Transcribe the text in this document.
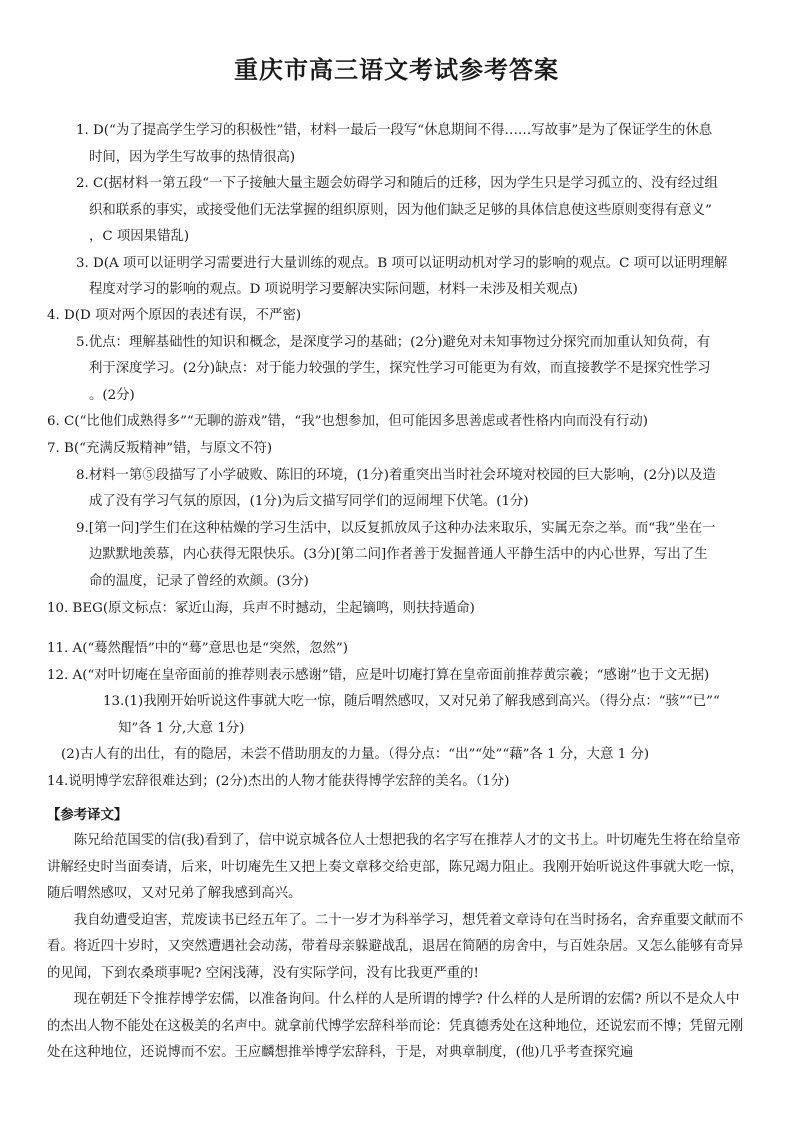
重庆市高三语文考试参考答案
1. D(“为了提高学生学习的积极性”错，材料一最后一段写“休息期间不得……写故事”是为了保证学生的休息
时间，因为学生写故事的热情很高)
2. C(据材料一第五段“一下子接触大量主题会妨碍学习和随后的迁移，因为学生只是学习孤立的、没有经过组
织和联系的事实，或接受他们无法掌握的组织原则，因为他们缺乏足够的具体信息使这些原则变得有意义”
，C 项因果错乱)
3. D(A 项可以证明学习需要进行大量训练的观点。B 项可以证明动机对学习的影响的观点。C 项可以证明理解
程度对学习的影响的观点。D 项说明学习要解决实际问题，材料一未涉及相关观点)
4. D(D 项对两个原因的表述有误，不严密)
5.优点：理解基础性的知识和概念，是深度学习的基础；(2分)避免对未知事物过分探究而加重认知负荷，有
利于深度学习。(2分)缺点：对于能力较强的学生，探究性学习可能更为有效，而直接教学不是探究性学习
。(2分)
6. C(“比他们成熟得多”“无聊的游戏”错，“我”也想参加，但可能因多思善虑或者性格内向而没有行动)
7. B(“充满反叛精神”错，与原文不符)
8.材料一第⑤段描写了小学破败、陈旧的环境，(1分)着重突出当时社会环境对校园的巨大影响，(2分)以及造
成了没有学习气氛的原因，(1分)为后文描写同学们的逗闹埋下伏笔。(1分)
9.[第一问]学生们在这种枯燥的学习生活中，以反复抓放凤子这种办法来取乐，实属无奈之举。而“我”坐在一
边默默地羡慕，内心获得无限快乐。(3分)[第二问]作者善于发掘普通人平静生活中的内心世界，写出了生
命的温度，记录了曾经的欢颜。(3分)
10. BEG(原文标点：冢近山海，兵声不时撼动，尘起镝鸣，则扶持遁命)
11. A(“蓦然醒悟”中的“蓦”意思也是“突然，忽然”)
12. A(“对叶切庵在皇帝面前的推荐则表示感谢”错，应是叶切庵打算在皇帝面前推荐黄宗羲；“感谢”也于文无据)
13.(1)我刚开始听说这件事就大吃一惊，随后喟然感叹，又对兄弟了解我感到高兴。（得分点：“骇”“已”“
知”各 1 分,大意 1分)
(2)古人有的出仕，有的隐居，未尝不借助朋友的力量。（得分点：“出”“处”“藉”各 1 分，大意 1 分)
14.说明博学宏辞很难达到；(2分)杰出的人物才能获得博学宏辞的美名。（1分)
【参考译文】

陈兄给范国雯的信(我)看到了，信中说京城各位人士想把我的名字写在推荐人才的文书上。叶切庵先生将在给皇帝讲解经史时当面奏请，后来，叶切庵先生又把上奏文章移交给吏部，陈兄竭力阻止。我刚开始听说这件事就大吃一惊，随后喟然感叹，又对兄弟了解我感到高兴。

我自幼遭受迫害，荒废读书已经五年了。二十一岁才为科举学习，想凭着文章诗句在当时扬名，舍弃重要文献而不看。将近四十岁时，又突然遭遇社会动荡，带着母亲躲避战乱，退居在简陋的房舍中，与百姓杂居。又怎么能够有奇异的见闻，下到农桑琐事呢? 空闲浅薄，没有实际学问，没有比我更严重的!

现在朝廷下令推荐博学宏儒，以准备询问。什么样的人是所谓的博学? 什么样的人是所谓的宏儒? 所以不是众人中的杰出人物不能处在这极美的名声中。就拿前代博学宏辞科举而论：凭真德秀处在这种地位，还说宏而不博；凭留元刚处在这种地位，还说博而不宏。王应麟想推举博学宏辞科，于是，对典章制度，(他)几乎考查探究遍
